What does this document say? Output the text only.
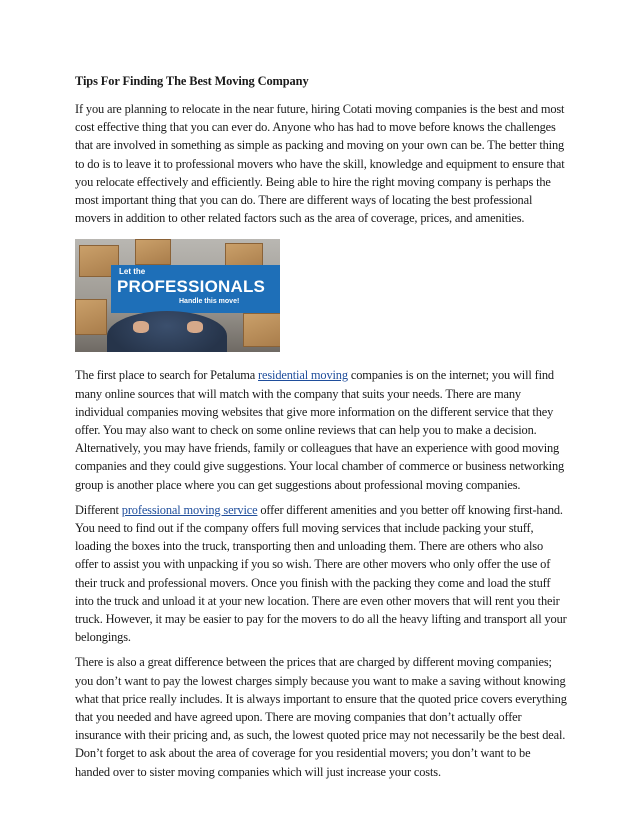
Tips For Finding The Best Moving Company

If you are planning to relocate in the near future, hiring Cotati moving companies is the best and most cost effective thing that you can ever do. Anyone who has had to move before knows the challenges that are involved in something as simple as packing and moving on your own can be. The better thing to do is to leave it to professional movers who have the skill, knowledge and equipment to ensure that you relocate effectively and efficiently. Being able to hire the right moving company is perhaps the most important thing that you can do. There are different ways of locating the best professional movers in addition to other related factors such as the area of coverage, prices, and amenities.

Let the
PROFESSIONALS
Handle this move!

The first place to search for Petaluma residential moving companies is on the internet; you will find many online sources that will match with the company that suits your needs. There are many individual companies moving websites that give more information on the different service that they offer. You may also want to check on some online reviews that can help you to make a decision. Alternatively, you may have friends, family or colleagues that have an experience with good moving companies and they could give suggestions. Your local chamber of commerce or business networking group is another place where you can get suggestions about professional moving companies.

Different professional moving service offer different amenities and you better off knowing first-hand. You need to find out if the company offers full moving services that include packing your stuff, loading the boxes into the truck, transporting then and unloading them. There are others who also offer to assist you with unpacking if you so wish. There are other movers who only offer the use of their truck and professional movers. Once you finish with the packing they come and load the stuff into the truck and unload it at your new location. There are even other movers that will rent you their truck. However, it may be easier to pay for the movers to do all the heavy lifting and transport all your belongings.

There is also a great difference between the prices that are charged by different moving companies; you don’t want to pay the lowest charges simply because you want to make a saving without knowing what that price really includes. It is always important to ensure that the quoted price covers everything that you needed and have agreed upon. There are moving companies that don’t actually offer insurance with their pricing and, as such, the lowest quoted price may not necessarily be the best deal. Don’t forget to ask about the area of coverage for you residential movers; you don’t want to be handed over to sister moving companies which will just increase your costs.
